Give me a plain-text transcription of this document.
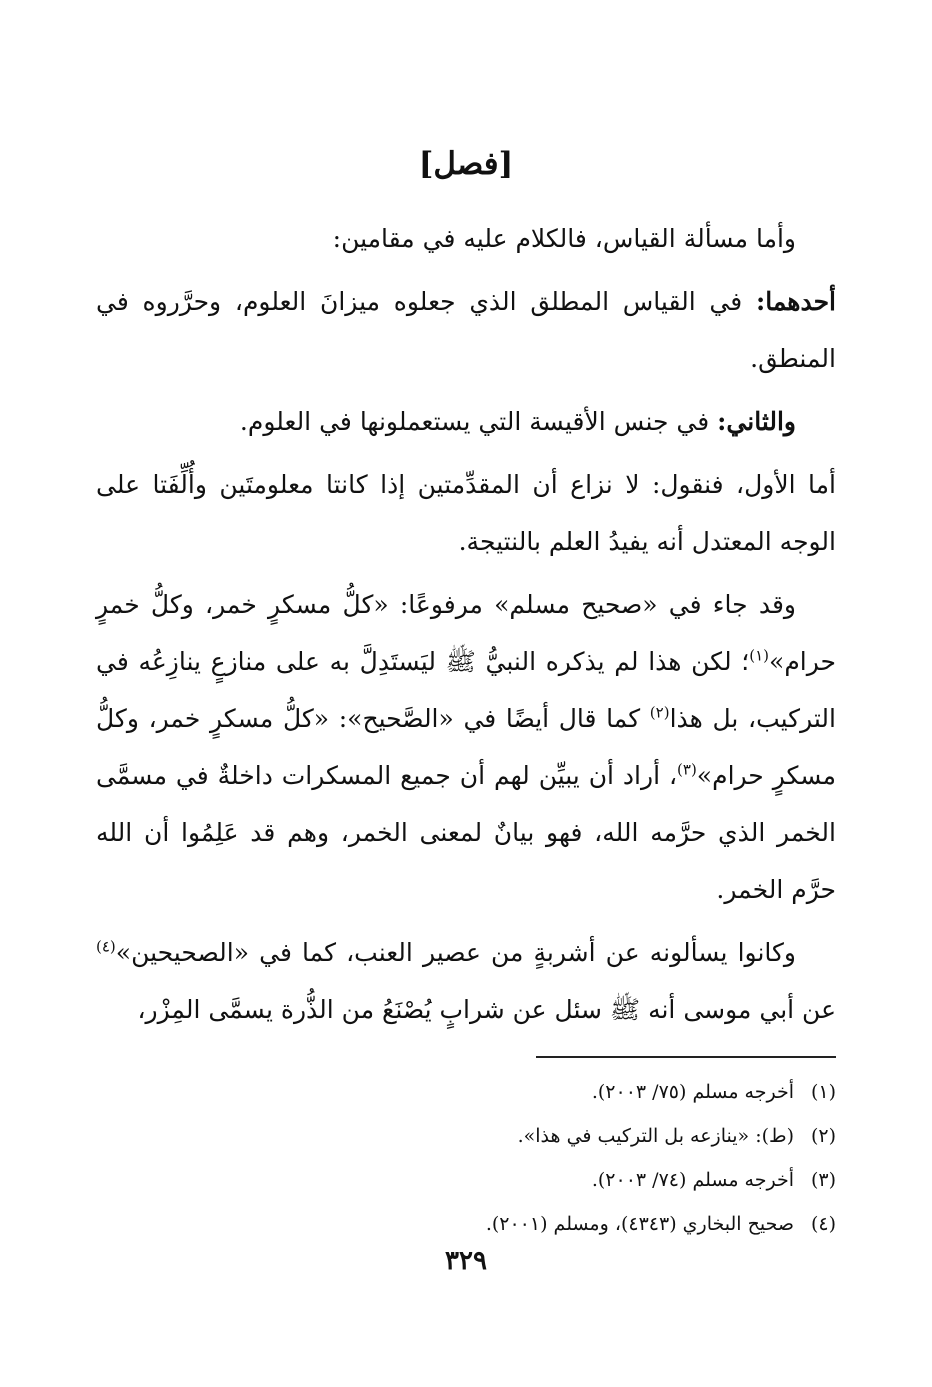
[فصل]

وأما مسألة القياس، فالكلام عليه في مقامين:

أحدهما: في القياس المطلق الذي جعلوه ميزانَ العلوم، وحرَّروه في المنطق.

والثاني: في جنس الأقيسة التي يستعملونها في العلوم.

أما الأول، فنقول: لا نزاع أن المقدِّمتين إذا كانتا معلومتَين وأُلِّفَتا على الوجه المعتدل أنه يفيدُ العلم بالنتيجة.

وقد جاء في «صحيح مسلم» مرفوعًا: «كلُّ مسكرٍ خمر، وكلُّ خمرٍ حرام»$^{(١)}$؛ لكن هذا لم يذكره النبيُّ ﷺ ليَستَدِلَّ به على منازعٍ ينازِعُه في التركيب، بل هذا$^{(٢)}$ كما قال أيضًا في «الصَّحيح»: «كلُّ مسكرٍ خمر، وكلُّ مسكرٍ حرام»$^{(٣)}$، أراد أن يبيِّن لهم أن جميع المسكرات داخلةٌ في مسمَّى الخمر الذي حرَّمه الله، فهو بيانٌ لمعنى الخمر، وهم قد عَلِمُوا أن الله حرَّم الخمر.

وكانوا يسألونه عن أشربةٍ من عصير العنب، كما في «الصحيحين»$^{(٤)}$ عن أبي موسى أنه ﷺ سئل عن شرابٍ يُصْنَعُ من الذُّرة يسمَّى المِزْر،

(١)
أخرجه مسلم (٧٥/ ٢٠٠٣).
(٢)
(ط): «ينازعه بل التركيب في هذا».
(٣)
أخرجه مسلم (٧٤/ ٢٠٠٣).
(٤)
صحيح البخاري (٤٣٤٣)، ومسلم (٢٠٠١).
٣٢٩
